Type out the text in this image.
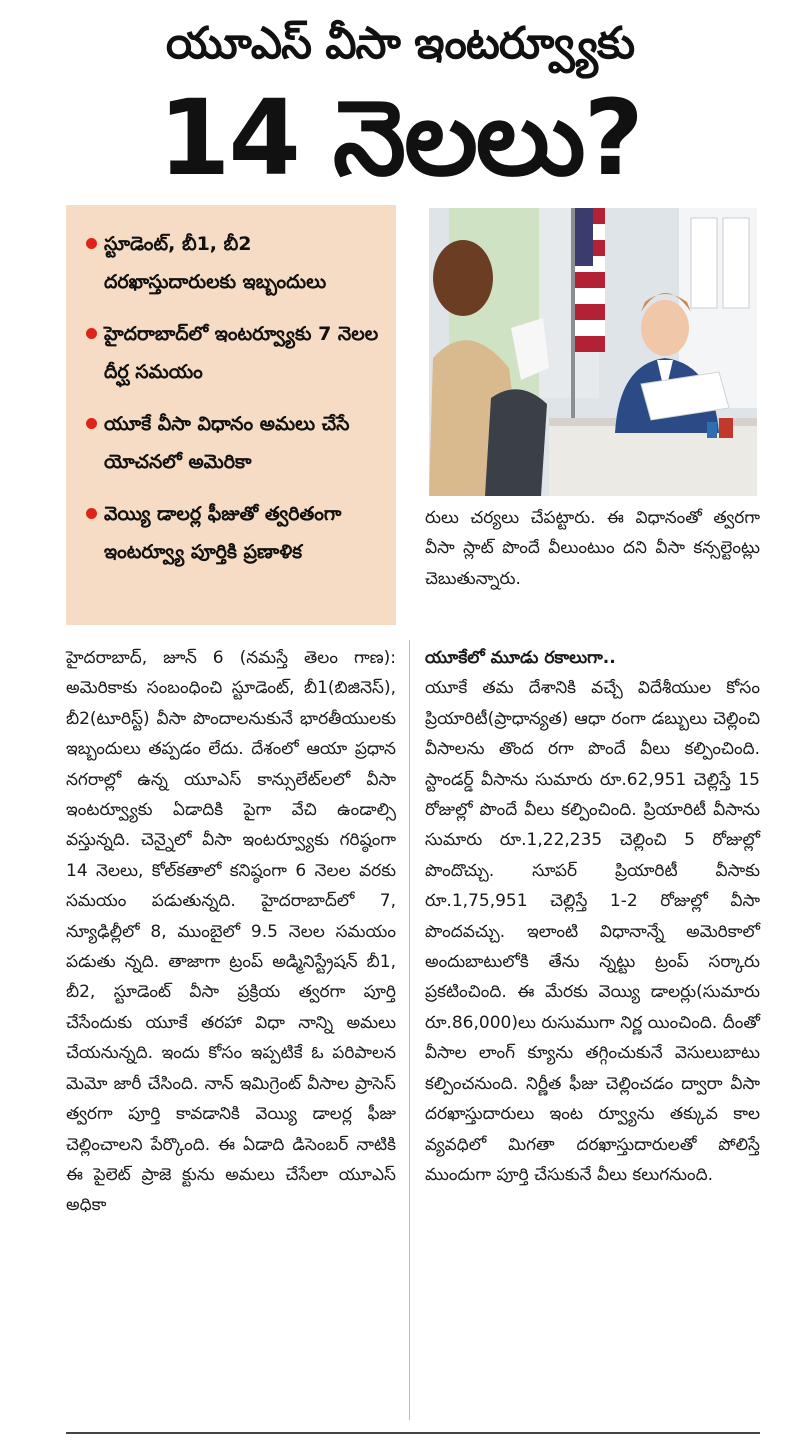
యూఎస్ వీసా ఇంటర్వ్యూకు
14 నెలలు?
స్టూడెంట్, బీ1, బీ2 దరఖాస్తుదారులకు ఇబ్బందులు
హైదరాబాద్‌లో ఇంటర్వ్యూకు 7 నెలల దీర్ఘ సమయం
యూకే వీసా విధానం అమలు చేసే యోచనలో అమెరికా
వెయ్యి డాలర్ల ఫీజుతో త్వరితంగా ఇంటర్వ్యూ పూర్తికి ప్రణాళిక
రులు చర్యలు చేపట్టారు. ఈ విధానంతో త్వరగా వీసా స్లాట్ పొందే వీలుంటుం దని వీసా కన్సల్టెంట్లు చెబుతున్నారు.
హైదరాబాద్, జూన్ 6 (నమస్తే తెలం గాణ): అమెరికాకు సంబంధించి స్టూడెంట్, బీ1(బిజినెస్), బీ2(టూరిస్ట్) వీసా పొందాలనుకునే భారతీయులకు ఇబ్బందులు తప్పడం లేదు. దేశంలో ఆయా ప్రధాన నగరాల్లో ఉన్న యూఎస్ కాన్సులేట్‌లలో వీసా ఇంటర్వ్యూకు ఏడాదికి పైగా వేచి ఉండాల్సి వస్తున్నది. చెన్నైలో వీసా ఇంటర్వ్యూకు గరిష్ఠంగా 14 నెలలు, కోల్‌కతాలో కనిష్ఠంగా 6 నెలల వరకు సమయం పడుతున్నది. హైదరాబాద్‌లో 7, న్యూఢిల్లీలో 8, ముంబైలో 9.5 నెలల సమయం పడుతు న్నది. తాజాగా ట్రంప్ అడ్మినిస్ట్రేషన్ బీ1, బీ2, స్టూడెంట్ వీసా ప్రక్రియ త్వరగా పూర్తి చేసేందుకు యూకే తరహా విధా నాన్ని అమలు చేయనున్నది. ఇందు కోసం ఇప్పటికే ఓ పరిపాలన మెమో జారీ చేసింది. నాన్ ఇమిగ్రెంట్ వీసాల ప్రాసెస్ త్వరగా పూర్తి కావడానికి వెయ్యి డాలర్ల ఫీజు చెల్లించాలని పేర్కొంది. ఈ ఏడాది డిసెంబర్ నాటికి ఈ పైలెట్ ప్రాజె క్టును అమలు చేసేలా యూఎస్ అధికా
యూకేలో మూడు రకాలుగా..
యూకే తమ దేశానికి వచ్చే విదేశీయుల కోసం ప్రియారిటీ(ప్రాధాన్యత) ఆధా రంగా డబ్బులు చెల్లించి వీసాలను తొంద రగా పొందే వీలు కల్పించింది. స్టాండర్డ్ వీసాను సుమారు రూ.62,951 చెల్లిస్తే 15 రోజుల్లో పొందే వీలు కల్పించింది. ప్రియారిటీ వీసాను సుమారు రూ.1,22,235 చెల్లించి 5 రోజుల్లో పొందొచ్చు. సూపర్ ప్రియారిటీ వీసాకు రూ.1,75,951 చెల్లిస్తే 1-2 రోజుల్లో వీసా పొందవచ్చు. ఇలాంటి విధానాన్నే అమెరికాలో అందుబాటులోకి తేను న్నట్టు ట్రంప్ సర్కారు ప్రకటించింది. ఈ మేరకు వెయ్యి డాలర్లు(సుమారు రూ.86,000)లు రుసుముగా నిర్ణ యించింది. దీంతో వీసాల లాంగ్ క్యూను తగ్గించుకునే వెసులుబాటు కల్పించనుంది. నిర్ణీత ఫీజు చెల్లించడం ద్వారా వీసా దరఖాస్తుదారులు ఇంట ర్వ్యూను తక్కువ కాల వ్యవధిలో మిగతా దరఖాస్తుదారులతో పోలిస్తే ముందుగా పూర్తి చేసుకునే వీలు కలుగనుంది.
